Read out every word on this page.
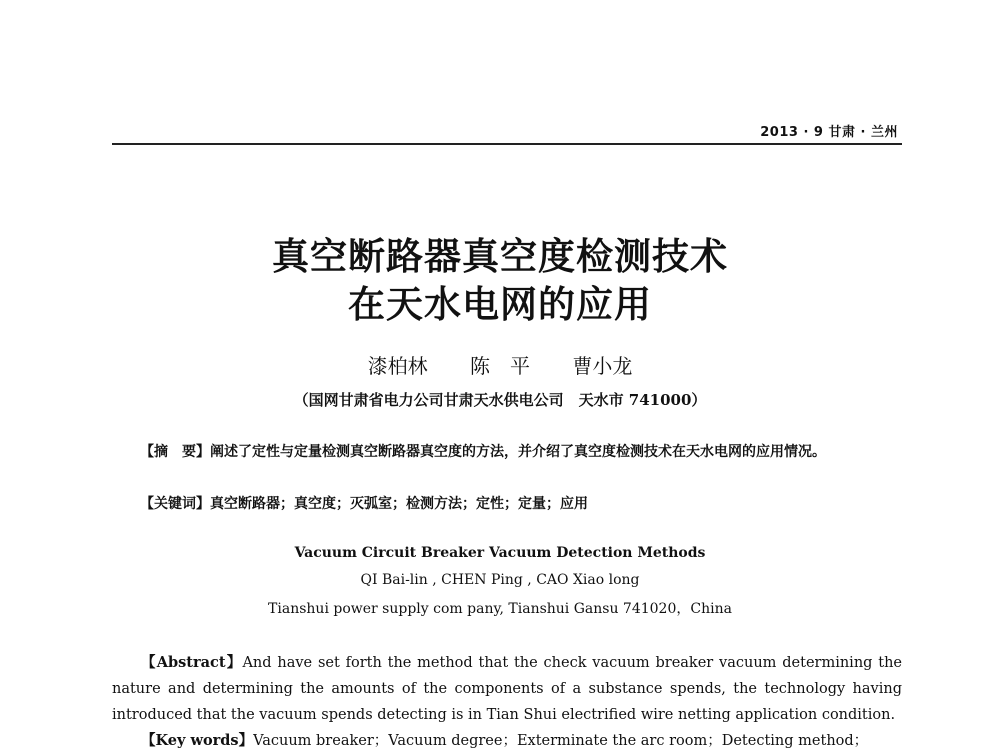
2013 · 9 甘肃 · 兰州
真空断路器真空度检测技术
在天水电网的应用
漆柏林 陈　平 曹小龙
（国网甘肃省电力公司甘肃天水供电公司　天水市 741000）

【摘　要】阐述了定性与定量检测真空断路器真空度的方法，并介绍了真空度检测技术在天水电网的应用情况。

【关键词】真空断路器；真空度；灭弧室；检测方法；定性；定量；应用
Vacuum Circuit Breaker Vacuum Detection Methods
QI Bai-lin , CHEN Ping , CAO Xiao long
Tianshui power supply com pany, Tianshui Gansu 741020，China
【Abstract】And have set forth the method that the check vacuum breaker vacuum determining the nature and determining the amounts of the components of a substance spends, the technology having introduced that the vacuum spends detecting is in Tian Shui electrified wire netting application condition.
【Key words】Vacuum breaker；Vacuum degree；Exterminate the arc room；Detecting method；
